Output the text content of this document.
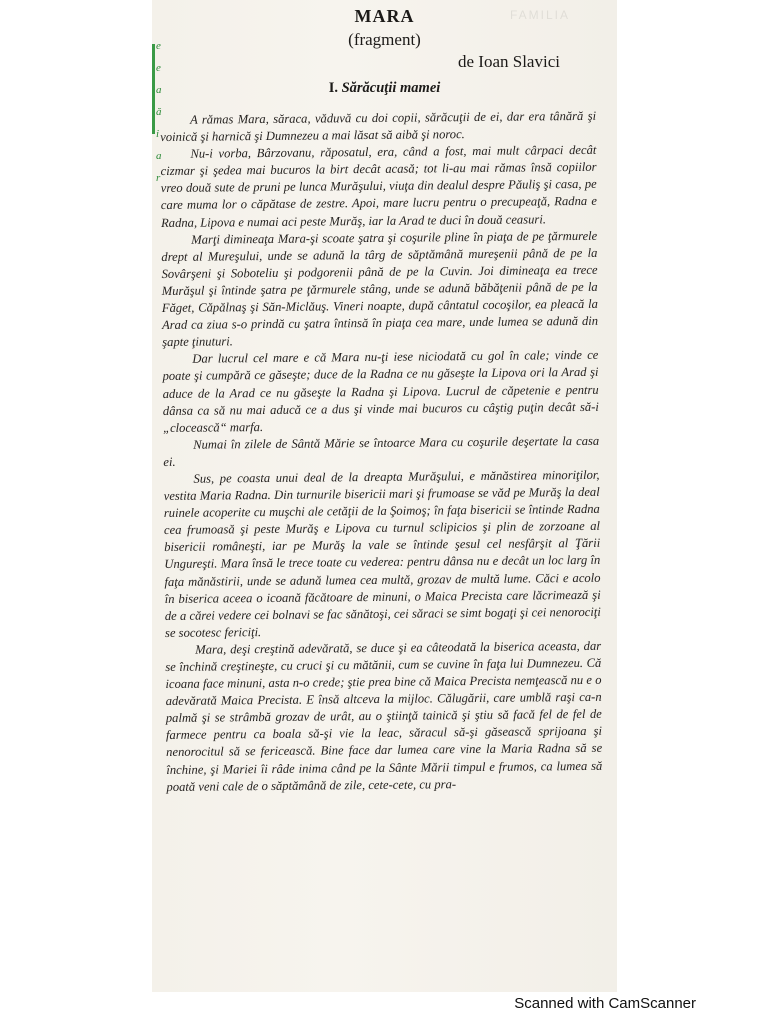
e
e
a
ă
i
a
r
FAMILIA
MARA
(fragment)
de Ioan Slavici
I. Sărăcuţii mamei

A rămas Mara, săraca, văduvă cu doi copii, sărăcuţii de ei, dar era tânără şi voinică şi harnică şi Dumnezeu a mai lăsat să aibă şi noroc.

Nu-i vorba, Bârzovanu, răposatul, era, când a fost, mai mult cârpaci decât cizmar şi şedea mai bucuros la birt decât acasă; tot li-au mai rămas însă copiilor vreo două sute de pruni pe lunca Murăşului, viuţa din dealul despre Păuliş şi casa, pe care muma lor o căpătase de zestre. Apoi, mare lucru pentru o precupeaţă, Radna e Radna, Lipova e numai aci peste Murăş, iar la Arad te duci în două ceasuri.

Marţi dimineaţa Mara-şi scoate şatra şi coşurile pline în piaţa de pe ţărmurele drept al Mureşului, unde se adună la târg de săptămână mureşenii până de pe la Sovârşeni şi Soboteliu şi podgorenii până de pe la Cuvin. Joi dimineaţa ea trece Murăşul şi întinde şatra pe ţărmurele stâng, unde se adună băbăţenii până de pe la Făget, Căpălnaş şi Săn-Miclăuş. Vineri noapte, după cântatul cocoşilor, ea pleacă la Arad ca ziua s-o prindă cu şatra întinsă în piaţa cea mare, unde lumea se adună din şapte ţinuturi.

Dar lucrul cel mare e că Mara nu-ţi iese niciodată cu gol în cale; vinde ce poate şi cumpără ce găseşte; duce de la Radna ce nu găseşte la Lipova ori la Arad şi aduce de la Arad ce nu găseşte la Radna şi Lipova. Lucrul de căpetenie e pentru dânsa ca să nu mai aducă ce a dus şi vinde mai bucuros cu câştig puţin decât să-i „clocească“ marfa.

Numai în zilele de Sântă Mărie se întoarce Mara cu coşurile deşertate la casa ei.

Sus, pe coasta unui deal de la dreapta Murăşului, e mănăstirea minoriţilor, vestita Maria Radna. Din turnurile bisericii mari şi frumoase se văd pe Murăş la deal ruinele acoperite cu muşchi ale cetăţii de la Şoimoş; în faţa bisericii se întinde Radna cea frumoasă şi peste Murăş e Lipova cu turnul sclipicios şi plin de zorzoane al bisericii româneşti, iar pe Murăş la vale se întinde şesul cel nesfârşit al Ţării Ungureşti. Mara însă le trece toate cu vederea: pentru dânsa nu e decât un loc larg în faţa mănăstirii, unde se adună lumea cea multă, grozav de multă lume. Căci e acolo în biserica aceea o icoană făcătoare de minuni, o Maica Precista care lăcrimează şi de a cărei vedere cei bolnavi se fac sănătoşi, cei săraci se simt bogaţi şi cei nenorociţi se socotesc fericiţi.

Mara, deşi creştină adevărată, se duce şi ea câteodată la biserica aceasta, dar se închină creştineşte, cu cruci şi cu mătănii, cum se cuvine în faţa lui Dumnezeu. Că icoana face minuni, asta n-o crede; ştie prea bine că Maica Precista nemţească nu e o adevărată Maica Precista. E însă altceva la mijloc. Călugării, care umblă raşi ca-n palmă şi se strâmbă grozav de urât, au o ştiinţă tainică şi ştiu să facă fel de fel de farmece pentru ca boala să-şi vie la leac, săracul să-şi găsească sprijoana şi nenorocitul să se fericească. Bine face dar lumea care vine la Maria Radna să se închine, şi Mariei îi râde inima când pe la Sânte Mării timpul e frumos, ca lumea să poată veni cale de o săptămână de zile, cete-cete, cu pra-

Scanned with CamScanner
